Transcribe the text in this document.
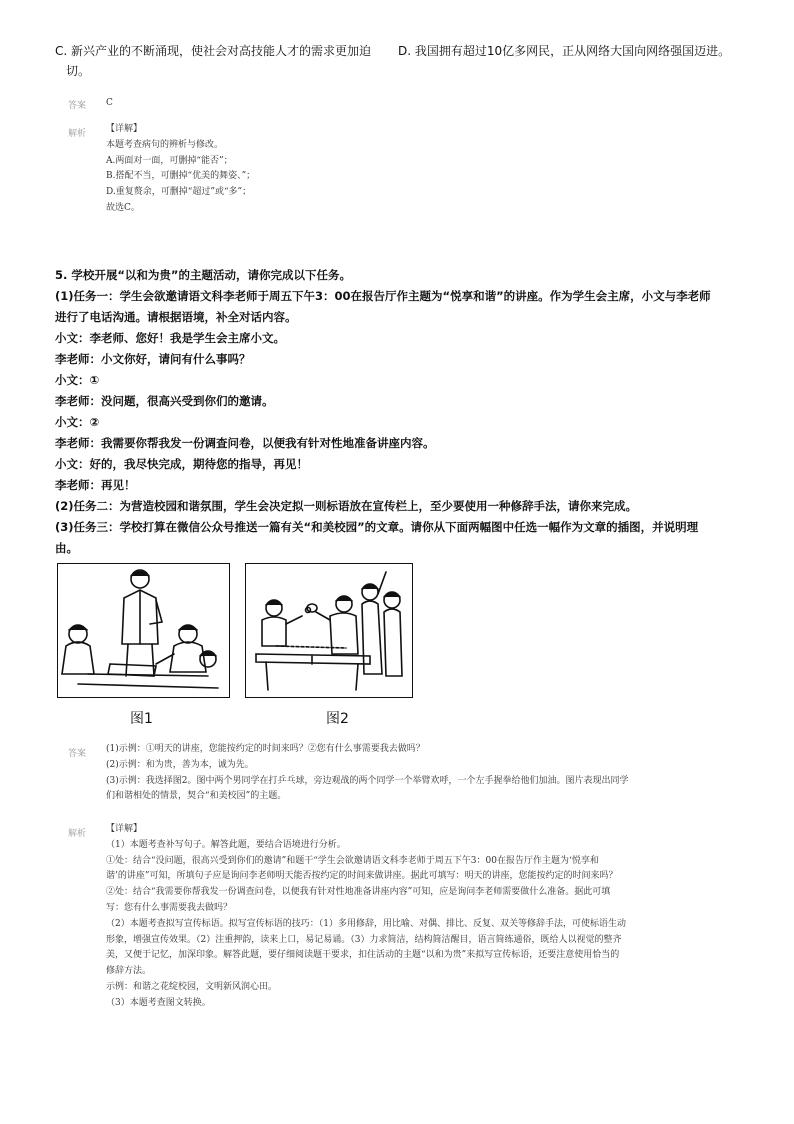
C. 新兴产业的不断涌现，使社会对高技能人才的需求更加迫
切。
D. 我国拥有超过10亿多网民，正从网络大国向网络强国迈进。
答案 C
解析 【详解】
本题考查病句的辨析与修改。
A.两面对一面，可删掉“能否”；
B.搭配不当，可删掉“优美的舞姿、”；
D.重复赘余，可删掉“超过”或“多”；
故选C。
5. 学校开展“以和为贵”的主题活动，请你完成以下任务。
(1)任务一：学生会欲邀请语文科李老师于周五下午3：00在报告厅作主题为“悦享和谐”的讲座。作为学生会主席，小文与李老师
进行了电话沟通。请根据语境，补全对话内容。
小文：李老师、您好！我是学生会主席小文。
李老师：小文你好，请问有什么事吗？
小文：①
李老师：没问题，很高兴受到你们的邀请。
小文：②
李老师：我需要你帮我发一份调查问卷，以便我有针对性地准备讲座内容。
小文：好的，我尽快完成，期待您的指导，再见！
李老师：再见！
(2)任务二：为营造校园和谐氛围，学生会决定拟一则标语放在宣传栏上，至少要使用一种修辞手法，请你来完成。
(3)任务三：学校打算在微信公众号推送一篇有关“和美校园”的文章。请你从下面两幅图中任选一幅作为文章的插图，并说明理
由。
图1	图2
答案 (1)示例：①明天的讲座，您能按约定的时间来吗？②您有什么事需要我去做吗？
(2)示例：和为贵，善为本，诚为先。
(3)示例：我选择图2。图中两个男同学在打乒乓球，旁边观战的两个同学一个举臂欢呼，一个左手握拳给他们加油。图片表现出同学
们和谐相处的情景，契合“和美校园”的主题。
解析 【详解】
（1）本题考查补写句子。解答此题，要结合语境进行分析。
①处：结合“没问题，很高兴受到你们的邀请”和题干“学生会欲邀请语文科李老师于周五下午3：00在报告厅作主题为‘悦享和
谐’的讲座”可知，所填句子应是询问李老师明天能否按约定的时间来做讲座。据此可填写：明天的讲座，您能按约定的时间来吗？
②处：结合“我需要你帮我发一份调查问卷，以便我有针对性地准备讲座内容”可知，应是询问李老师需要做什么准备。据此可填
写：您有什么事需要我去做吗？
（2）本题考查拟写宣传标语。拟写宣传标语的技巧：（1）多用修辞，用比喻、对偶、排比、反复、双关等修辞手法，可使标语生动
形象，增强宣传效果。（2）注重押韵，读来上口，易记易诵。（3）力求简洁，结构简洁醒目，语言简练通俗，既给人以视觉的整齐
美，又便于记忆，加深印象。解答此题，要仔细阅读题干要求，扣住活动的主题“以和为贵”来拟写宣传标语，还要注意使用恰当的
修辞方法。
示例：和谐之花绽校园，文明新风润心田。
（3）本题考查图文转换。
